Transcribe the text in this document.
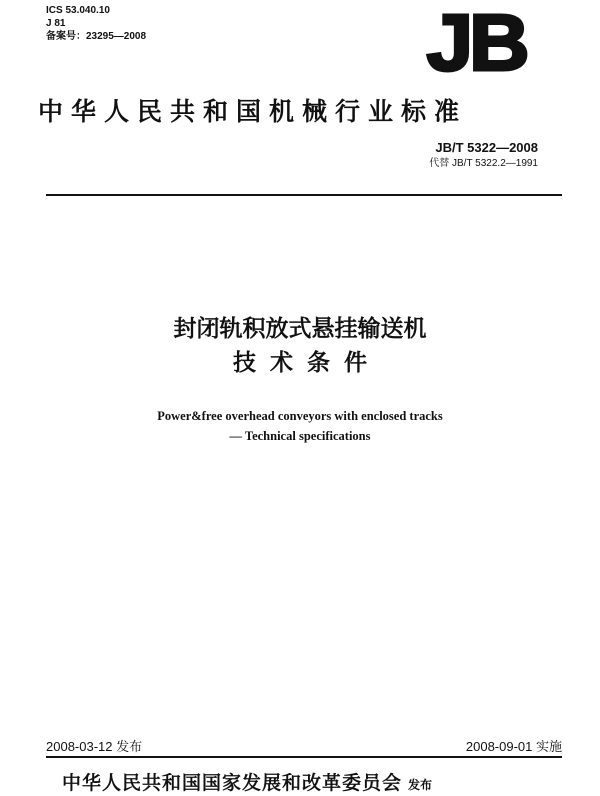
ICS 53.040.10
J 81
备案号：23295—2008	JB
中华人民共和国机械行业标准
JB/T 5322—2008
代替 JB/T 5322.2—1991
封闭轨积放式悬挂输送机
技术条件
Power&free overhead conveyors with enclosed tracks
— Technical specifications
2008-03-12 发布	2008-09-01 实施
中华人民共和国国家发展和改革委员会 发布
